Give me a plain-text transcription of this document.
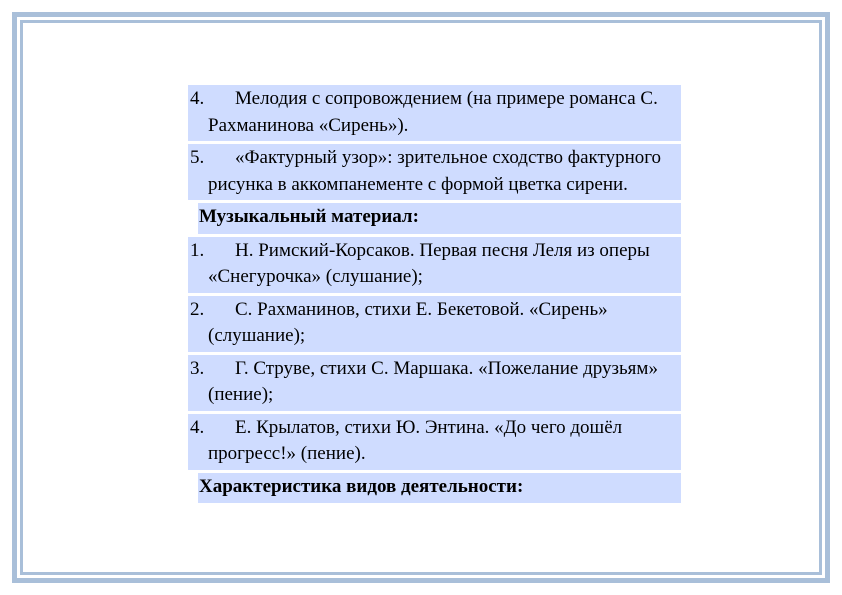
4.	Мелодия с сопровождением (на примере романса С. Рахманинова «Сирень»).
5.	«Фактурный узор»: зрительное сходство фактурного рисунка в аккомпанементе с формой цветка сирени.
Музыкальный материал:
1.	Н. Римский-Корсаков. Первая песня Леля из оперы «Снегурочка» (слушание);
2.	С. Рахманинов, стихи Е. Бекетовой. «Сирень» (слушание);
3.	Г. Струве, стихи С. Маршака. «Пожелание друзьям» (пение);
4.	Е. Крылатов, стихи Ю. Энтина. «До чего дошёл прогресс!» (пение).
Характеристика видов деятельности:
